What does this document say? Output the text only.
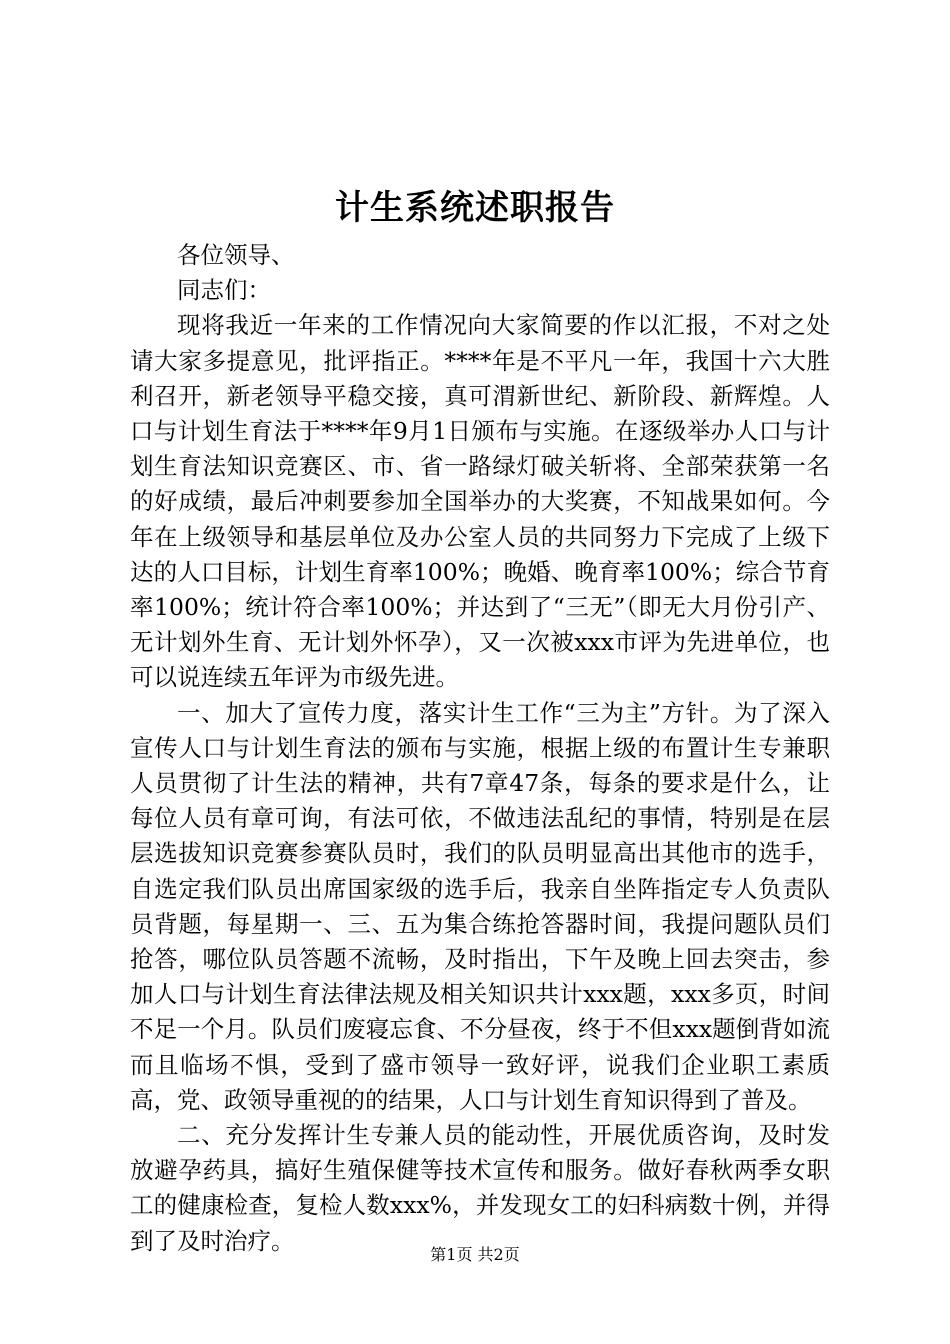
计生系统述职报告

各位领导、

同志们：

现将我近一年来的工作情况向大家简要的作以汇报，不对之处请大家多提意见，批评指正。****年是不平凡一年，我国十六大胜利召开，新老领导平稳交接，真可渭新世纪、新阶段、新辉煌。人口与计划生育法于****年9月1日颁布与实施。在逐级举办人口与计划生育法知识竞赛区、市、省一路绿灯破关斩将、全部荣获第一名的好成绩，最后冲刺要参加全国举办的大奖赛，不知战果如何。今年在上级领导和基层单位及办公室人员的共同努力下完成了上级下达的人口目标，计划生育率100%；晚婚、晚育率100%；综合节育率100%；统计符合率100%；并达到了“三无”（即无大月份引产、无计划外生育、无计划外怀孕），又一次被xxx市评为先进单位，也可以说连续五年评为市级先进。

一、加大了宣传力度，落实计生工作“三为主”方针。为了深入宣传人口与计划生育法的颁布与实施，根据上级的布置计生专兼职人员贯彻了计生法的精神，共有7章47条，每条的要求是什么，让每位人员有章可询，有法可依，不做违法乱纪的事情，特别是在层层选拔知识竞赛参赛队员时，我们的队员明显高出其他市的选手，自选定我们队员出席国家级的选手后，我亲自坐阵指定专人负责队员背题，每星期一、三、五为集合练抢答器时间，我提问题队员们抢答，哪位队员答题不流畅，及时指出，下午及晚上回去突击，参加人口与计划生育法律法规及相关知识共计xxx题，xxx多页，时间不足一个月。队员们废寝忘食、不分昼夜，终于不但xxx题倒背如流而且临场不惧，受到了盛市领导一致好评，说我们企业职工素质高，党、政领导重视的的结果，人口与计划生育知识得到了普及。

二、充分发挥计生专兼人员的能动性，开展优质咨询，及时发放避孕药具，搞好生殖保健等技术宣传和服务。做好春秋两季女职工的健康检查，复检人数xxx%，并发现女工的妇科病数十例，并得到了及时治疗。	第1页 共2页
